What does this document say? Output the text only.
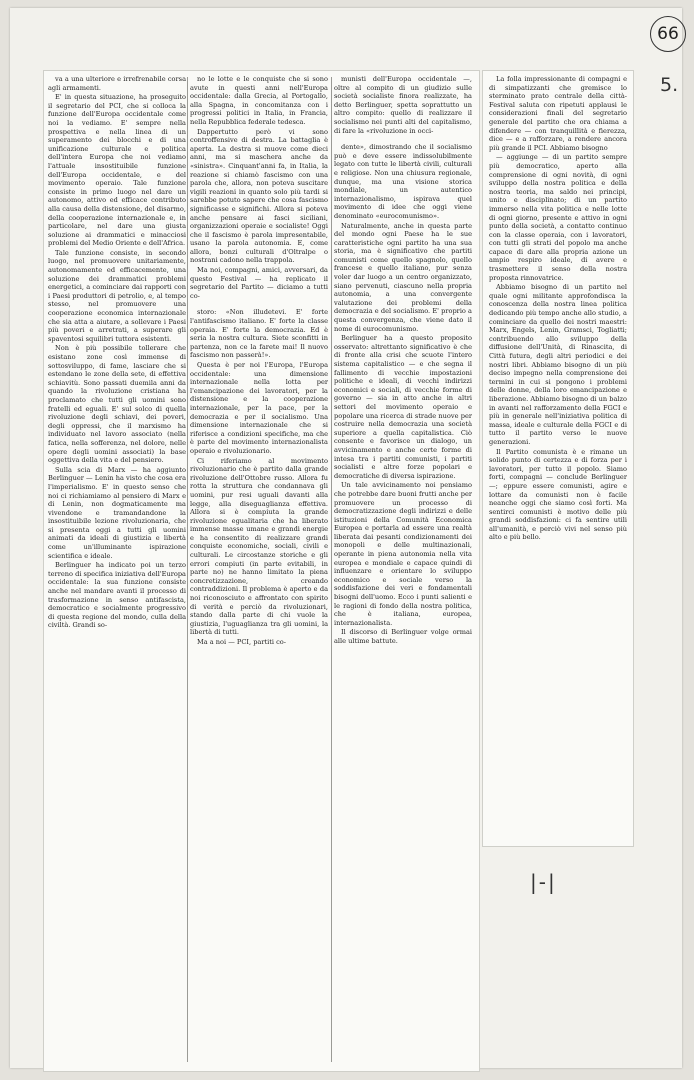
66
5.

va a una ulteriore e irrefrenabile corsa agli armamenti.

E' in questa situazione, ha proseguito il segretario del PCI, che si colloca la funzione dell'Europa occidentale come noi la vediamo. E' sempre nella prospettiva e nella linea di un superamento dei blocchi e di una unificazione culturale e politica dell'intera Europa che noi vediamo l'attuale insostituibile funzione dell'Europa occidentale, e del movimento operaio. Tale funzione consiste in primo luogo nel dare un autonomo, attivo ed efficace contributo alla causa della distensione, del disarmo, della cooperazione internazionale e, in particolare, nel dare una giusta soluzione ai drammatici e minacciosi problemi del Medio Oriente e dell'Africa.

Tale funzione consiste, in secondo luogo, nel promuovere unitariamente, autonomamente ed efficacemente, una soluzione dei drammatici problemi energetici, a cominciare dai rapporti con i Paesi produttori di petrolio, e, al tempo stesso, nel promuovere una cooperazione economica internazionale che sia atta a aiutare, a sollevare i Paesi più poveri e arretrati, a superare gli spaventosi squilibri tuttora esistenti.

Non è più possibile tollerare che esistano zone così immense di sottosviluppo, di fame, lasciare che si estendano le zone della sete, di effettiva schiavitù. Sono passati duemila anni da quando la rivoluzione cristiana ha proclamato che tutti gli uomini sono fratelli ed eguali. E' sul solco di quella rivoluzione degli schiavi, dei poveri, degli oppressi, che il marxismo ha individuato nel lavoro associato (nella fatica, nella sofferenza, nel dolore, nelle opere degli uomini associati) la base oggettiva della vita e del pensiero.

Sulla scia di Marx — ha aggiunto Berlinguer — Lenin ha visto che cosa era l'imperialismo. E' in questo senso che noi ci richiamiamo al pensiero di Marx e di Lenin, non dogmaticamente ma vivendone e tramandandone la insostituibile lezione rivoluzionaria, che si presenta oggi a tutti gli uomini animati da ideali di giustizia e libertà come un'illuminante ispirazione scientifica e ideale.

Berlinguer ha indicato poi un terzo terreno di specifica iniziativa dell'Europa occidentale: la sua funzione consiste anche nel mandare avanti il processo di trasformazione in senso antifascista, democratico e socialmente progressivo di questa regione del mondo, culla della civiltà. Grandi so-

no le lotte e le conquiste che si sono avute in questi anni nell'Europa occidentale: dalla Grecia, al Portogallo, alla Spagna, in concomitanza con i progressi politici in Italia, in Francia, nella Repubblica federale tedesca.

Dappertutto però vi sono controffensive di destra. La battaglia è aperta. La destra si muove come dieci anni, ma si maschera anche da «sinistra». Cinquant'anni fa, in Italia, la reazione si chiamò fascismo con una parola che, allora, non poteva suscitare vigili reazioni in quanto solo più tardi si sarebbe potuto sapere che cosa fascismo significasse e significhi. Allora si poteva anche pensare ai fasci siciliani, organizzazioni operaie e socialiste! Oggi che il fascismo è parola impresentabile, usano la parola autonomia. E, come allora, bonzi culturali d'Oltralpe o nostrani cadono nella trappola.

Ma noi, compagni, amici, avversari, da questo Festival — ha replicato il segretario del Partito — diciamo a tutti co-

storo: «Non illudetevi. E' forte l'antifascismo italiano. E' forte la classe operaia. E' forte la democrazia. Ed è seria la nostra cultura. Siete sconfitti in partenza, non ce la farete mai! Il nuovo fascismo non passerà!».

Questa è per noi l'Europa, l'Europa occidentale: una dimensione internazionale nella lotta per l'emancipazione dei lavoratori, per la distensione e la cooperazione internazionale, per la pace, per la democrazia e per il socialismo. Una dimensione internazionale che si riferisce a condizioni specifiche, ma che è parte del movimento internazionalista operaio e rivoluzionario.

Ci riferiamo al movimento rivoluzionario che è partito dalla grande rivoluzione dell'Ottobre russo. Allora fu rotta la struttura che condannava gli uomini, pur resi uguali davanti alla legge, alla diseguaglianza effettiva. Allora si è compiuta la grande rivoluzione egualitaria che ha liberato immense masse umane e grandi energie e ha consentito di realizzare grandi conquiste economiche, sociali, civili e culturali. Le circostanze storiche e gli errori compiuti (in parte evitabili, in parte no) ne hanno limitato la piena concretizzazione, creando contraddizioni. Il problema è aperto e da noi riconosciuto e affrontato con spirito di verità e perciò da rivoluzionari, stando dalla parte di chi vuole la giustizia, l'uguaglianza tra gli uomini, la libertà di tutti.

Ma a noi — PCI, partiti co-

munisti dell'Europa occidentale —, oltre al compito di un giudizio sulle società socialiste finora realizzate, ha detto Berlinguer, spetta soprattutto un altro compito: quello di realizzare il socialismo nei punti alti del capitalismo, di fare la «rivoluzione in occi-

dente», dimostrando che il socialismo può e deve essere indissolubilmente legato con tutte le libertà civili, culturali e religiose. Non una chiusura regionale, dunque, ma una visione storica mondiale, un autentico internazionalismo, ispirava quel movimento di idee che oggi viene denominato «eurocomunismo».

Naturalmente, anche in questa parte del mondo ogni Paese ha le sue caratteristiche ogni partito ha una sua storia, ma è significativo che partiti comunisti come quello spagnolo, quello francese e quello italiano, pur senza voler dar luogo a un centro organizzato, siano pervenuti, ciascuno nella propria autonomia, a una convergente valutazione dei problemi della democrazia e del socialismo. E' proprio a questa convergenza, che viene dato il nome di eurocomunismo.

Berlinguer ha a questo proposito osservato: altrettanto significativo è che di fronte alla crisi che scuote l'intero sistema capitalistico — e che segna il fallimento di vecchie impostazioni politiche e ideali, di vecchi indirizzi economici e sociali, di vecchie forme di governo — sia in atto anche in altri settori del movimento operaio e popolare una ricerca di strade nuove per costruire nella democrazia una società superiore a quella capitalistica. Ciò consente e favorisce un dialogo, un avvicinamento e anche certe forme di intesa tra i partiti comunisti, i partiti socialisti e altre forze popolari e democratiche di diversa ispirazione.

Un tale avvicinamento noi pensiamo che potrebbe dare buoni frutti anche per promuovere un processo di democratizzazione degli indirizzi e delle istituzioni della Comunità Economica Europea e portarla ad essere una realtà liberata dai pesanti condizionamenti dei monopoli e delle multinazionali, operante in piena autonomia nella vita europea e mondiale e capace quindi di influenzare e orientare lo sviluppo economico e sociale verso la soddisfazione dei veri e fondamentali bisogni dell'uomo. Ecco i punti salienti e le ragioni di fondo della nostra politica, che è italiana, europea, internazionalista.

Il discorso di Berlinguer volge ormai alle ultime battute.

La folla impressionante di compagni e di simpatizzanti che gremisce lo sterminato prato centrale della città-Festival saluta con ripetuti applausi le considerazioni finali del segretario generale del partito che ora chiama a difendere — con tranquillità e fierezza, dice — e a rafforzare, a rendere ancora più grande il PCI. Abbiamo bisogno

— aggiunge — di un partito sempre più democratico, aperto alla comprensione di ogni novità, di ogni sviluppo della nostra politica e della nostra teoria, ma saldo nei principi, unito e disciplinato; di un partito immerso nella vita politica e nelle lotte di ogni giorno, presente e attivo in ogni punto della società, a contatto continuo con la classe operaia, con i lavoratori, con tutti gli strati del popolo ma anche capace di dare alla propria azione un ampio respiro ideale, di avere e trasmettere il senso della nostra proposta rinnovatrice.

Abbiamo bisogno di un partito nel quale ogni militante approfondisca la conoscenza della nostra linea politica dedicando più tempo anche allo studio, a cominciare da quello dei nostri maestri: Marx, Engels, Lenin, Gramsci, Togliatti; contribuendo allo sviluppo della diffusione dell'Unità, di Rinascita, di Città futura, degli altri periodici e dei nostri libri. Abbiamo bisogno di un più deciso impegno nella comprensione dei termini in cui si pongono i problemi delle donne, della loro emancipazione e liberazione. Abbiamo bisogno di un balzo in avanti nel rafforzamento della FGCI e più in generale nell'iniziativa politica di massa, ideale e culturale della FGCI e di tutto il partito verso le nuove generazioni.

Il Partito comunista è e rimane un solido punto di certezza e di forza per i lavoratori, per tutto il popolo. Siamo forti, compagni — conclude Berlinguer —; eppure essere comunisti, agire e lottare da comunisti non è facile neanche oggi che siamo così forti. Ma sentirci comunisti è motivo delle più grandi soddisfazioni: ci fa sentire utili all'umanità, e perciò vivi nel senso più alto e più bello.

|-|
